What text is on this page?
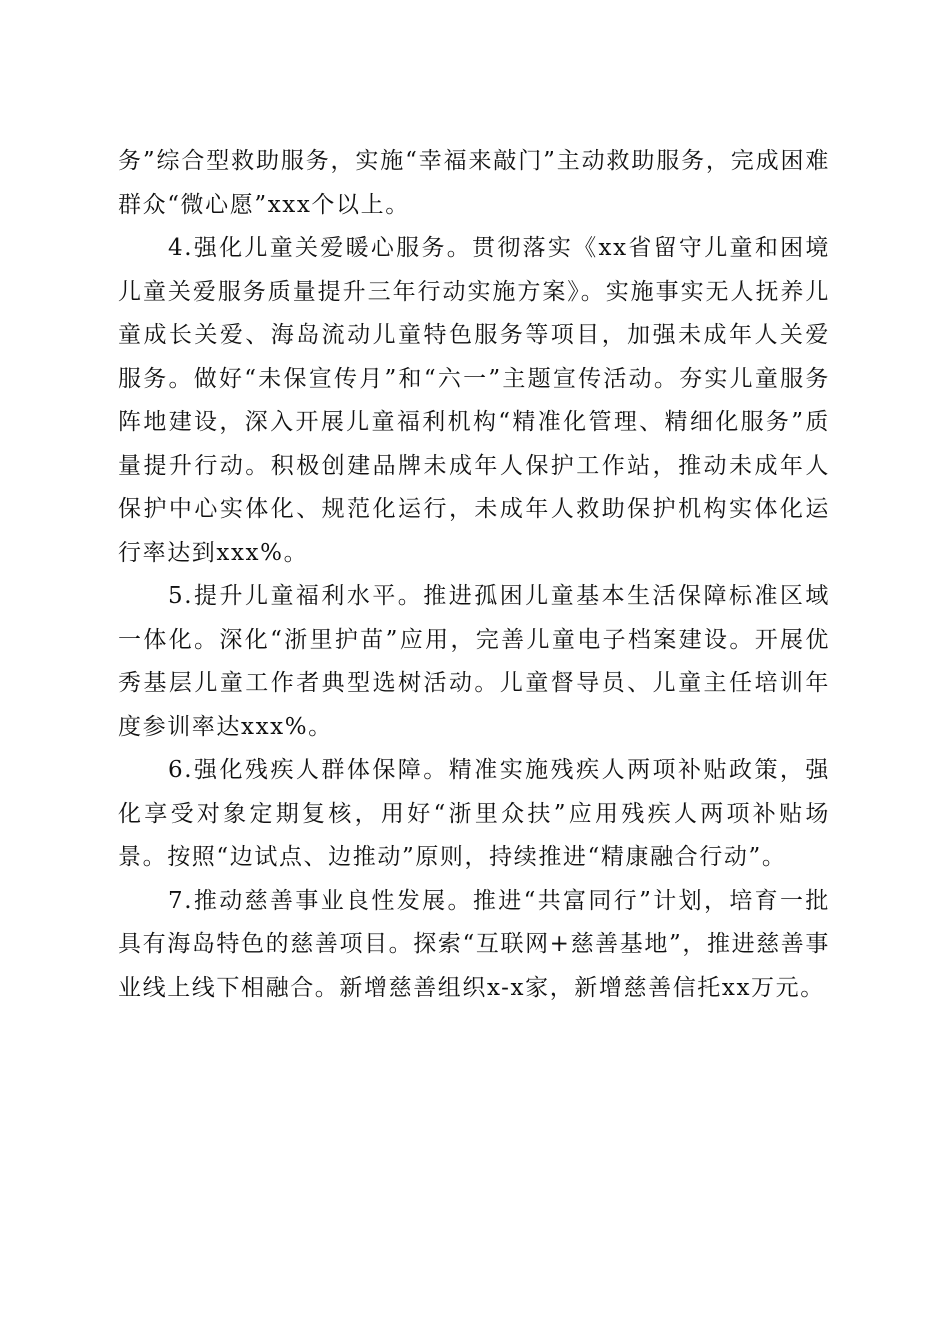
务”综合型救助服务，实施“幸福来敲门”主动救助服务，完成困难群众“微心愿”xxx个以上。

4.强化儿童关爱暖心服务。贯彻落实《xx省留守儿童和困境儿童关爱服务质量提升三年行动实施方案》。实施事实无人抚养儿童成长关爱、海岛流动儿童特色服务等项目，加强未成年人关爱服务。做好“未保宣传月”和“六一”主题宣传活动。夯实儿童服务阵地建设，深入开展儿童福利机构“精准化管理、精细化服务”质量提升行动。积极创建品牌未成年人保护工作站，推动未成年人保护中心实体化、规范化运行，未成年人救助保护机构实体化运行率达到xxx%。

5.提升儿童福利水平。推进孤困儿童基本生活保障标准区域一体化。深化“浙里护苗”应用，完善儿童电子档案建设。开展优秀基层儿童工作者典型选树活动。儿童督导员、儿童主任培训年度参训率达xxx%。

6.强化残疾人群体保障。精准实施残疾人两项补贴政策，强化享受对象定期复核，用好“浙里众扶”应用残疾人两项补贴场景。按照“边试点、边推动”原则，持续推进“精康融合行动”。

7.推动慈善事业良性发展。推进“共富同行”计划，培育一批具有海岛特色的慈善项目。探索“互联网+慈善基地”，推进慈善事业线上线下相融合。新增慈善组织x-x家，新增慈善信托xx万元。
